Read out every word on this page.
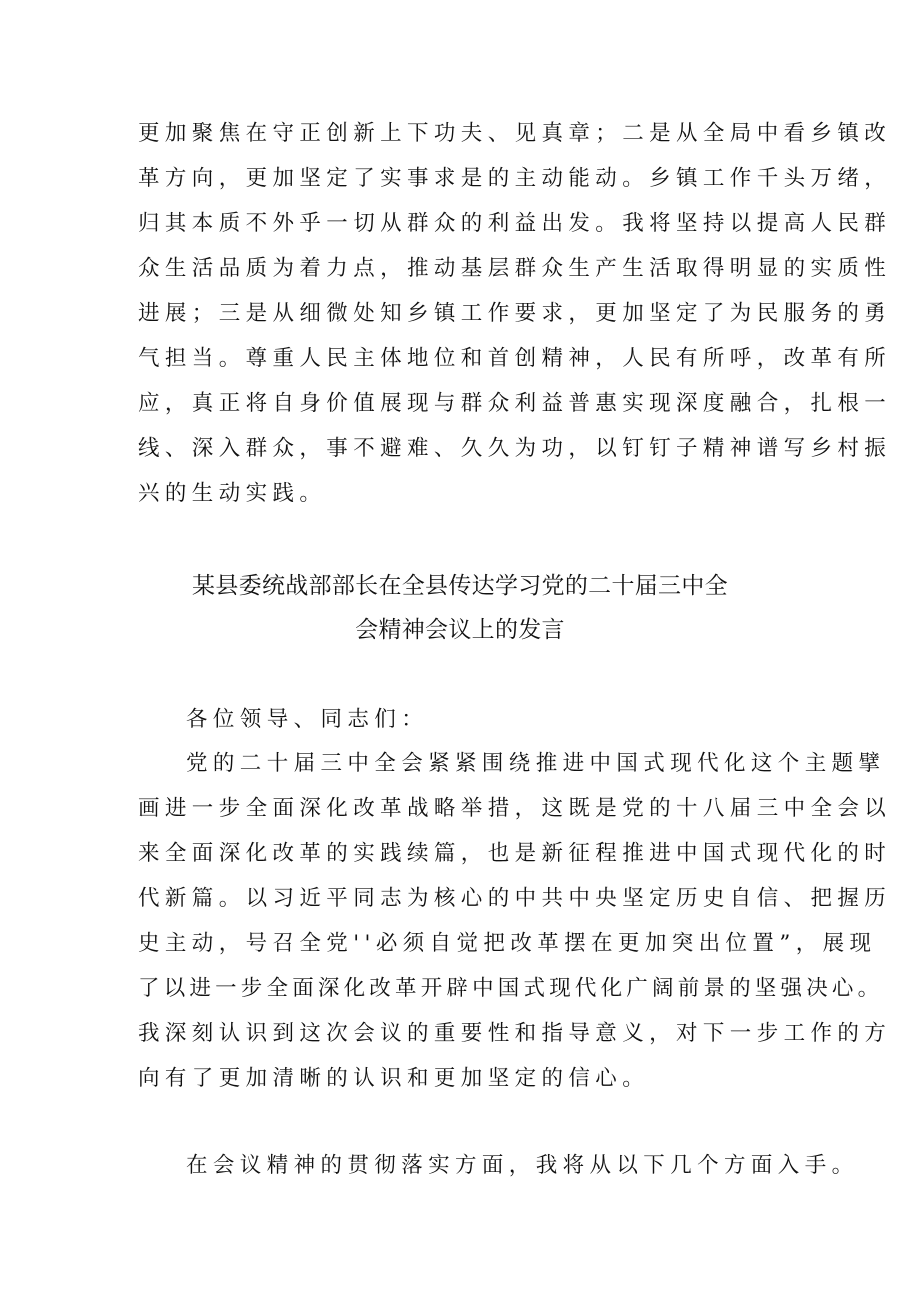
更加聚焦在守正创新上下功夫、见真章；二是从全局中看乡镇改
革方向，更加坚定了实事求是的主动能动。乡镇工作千头万绪，
归其本质不外乎一切从群众的利益出发。我将坚持以提高人民群
众生活品质为着力点，推动基层群众生产生活取得明显的实质性
进展；三是从细微处知乡镇工作要求，更加坚定了为民服务的勇
气担当。尊重人民主体地位和首创精神，人民有所呼，改革有所
应，真正将自身价值展现与群众利益普惠实现深度融合，扎根一
线、深入群众，事不避难、久久为功，以钉钉子精神谱写乡村振
兴的生动实践。
某县委统战部部长在全县传达学习党的二十届三中全
会精神会议上的发言
各位领导、同志们：
党的二十届三中全会紧紧围绕推进中国式现代化这个主题擘
画进一步全面深化改革战略举措，这既是党的十八届三中全会以
来全面深化改革的实践续篇，也是新征程推进中国式现代化的时
代新篇。以习近平同志为核心的中共中央坚定历史自信、把握历
史主动，号召全党''必须自觉把改革摆在更加突出位置”，展现
了以进一步全面深化改革开辟中国式现代化广阔前景的坚强决心。
我深刻认识到这次会议的重要性和指导意义，对下一步工作的方
向有了更加清晰的认识和更加坚定的信心。
在会议精神的贯彻落实方面，我将从以下几个方面入手。
